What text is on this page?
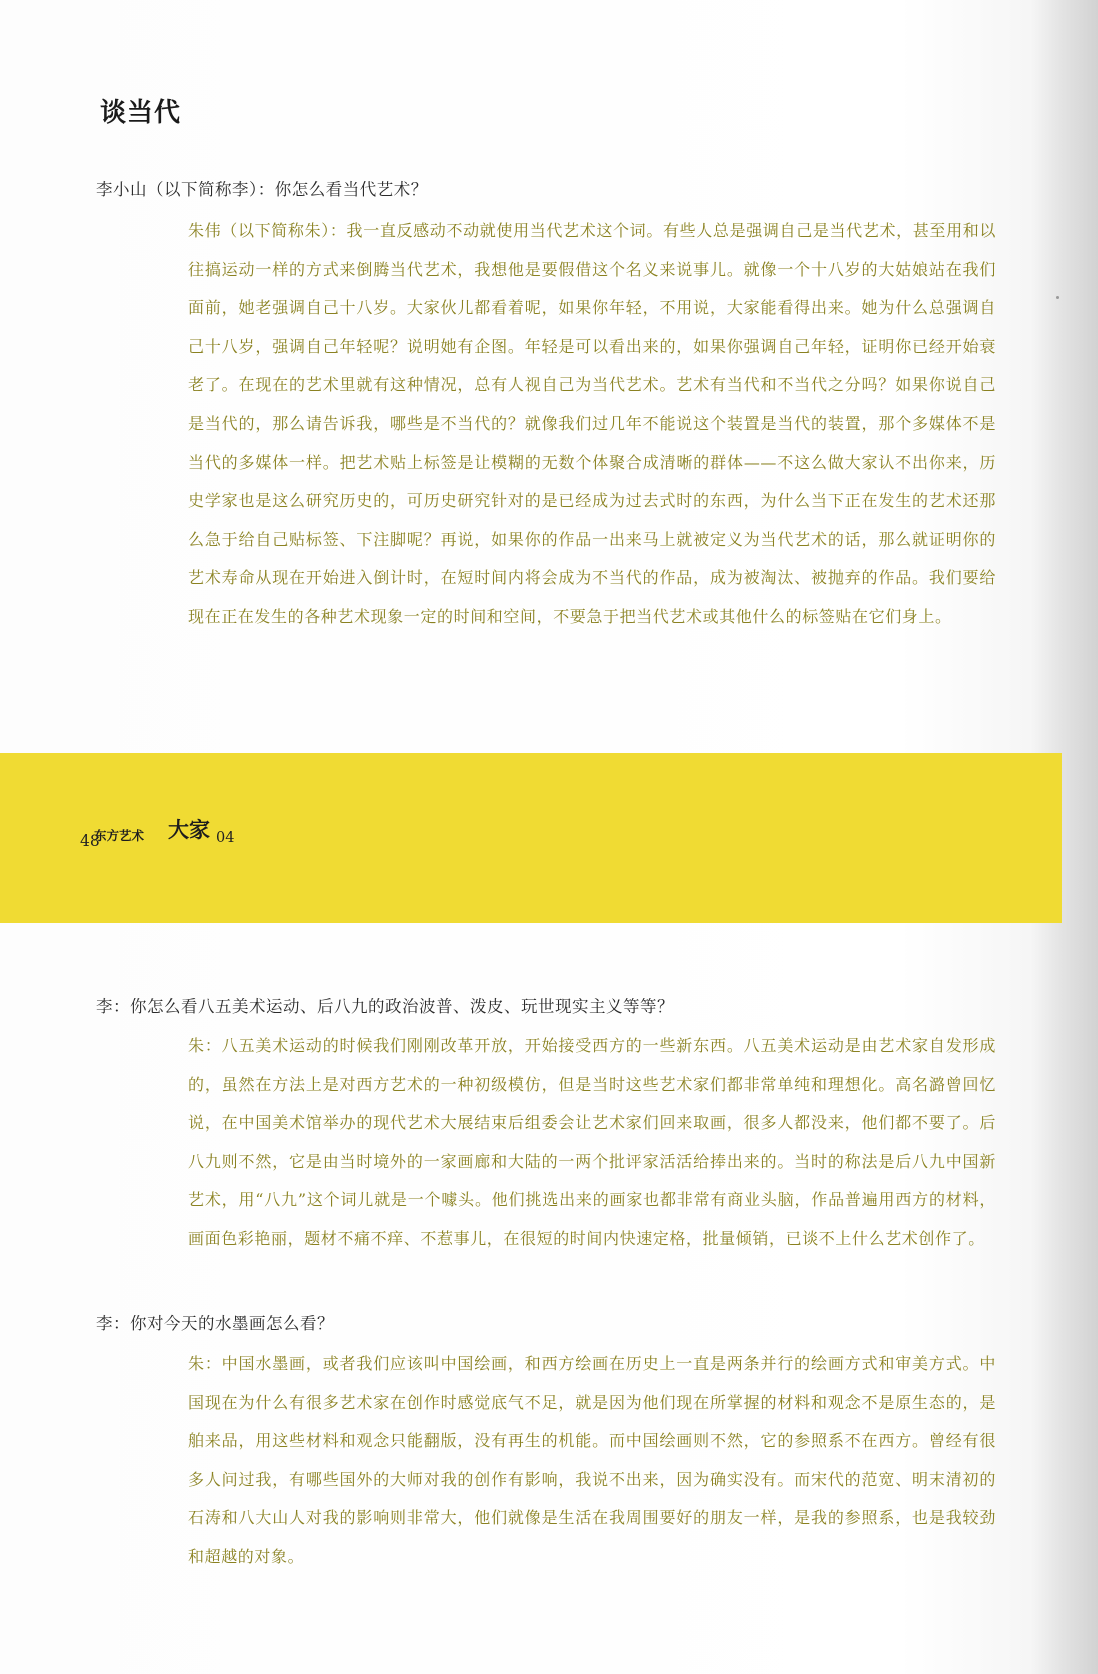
谈当代
李小山（以下简称李）：你怎么看当代艺术？

朱伟（以下简称朱）：我一直反感动不动就使用当代艺术这个词。有些人总是强调自己是当代艺术，甚至用和以往搞运动一样的方式来倒腾当代艺术，我想他是要假借这个名义来说事儿。就像一个十八岁的大姑娘站在我们面前，她老强调自己十八岁。大家伙儿都看着呢，如果你年轻，不用说，大家能看得出来。她为什么总强调自己十八岁，强调自己年轻呢？说明她有企图。年轻是可以看出来的，如果你强调自己年轻，证明你已经开始衰老了。在现在的艺术里就有这种情况，总有人视自己为当代艺术。艺术有当代和不当代之分吗？如果你说自己是当代的，那么请告诉我，哪些是不当代的？就像我们过几年不能说这个装置是当代的装置，那个多媒体不是当代的多媒体一样。把艺术贴上标签是让模糊的无数个体聚合成清晰的群体——不这么做大家认不出你来，历史学家也是这么研究历史的，可历史研究针对的是已经成为过去式时的东西，为什么当下正在发生的艺术还那么急于给自己贴标签、下注脚呢？再说，如果你的作品一出来马上就被定义为当代艺术的话，那么就证明你的艺术寿命从现在开始进入倒计时，在短时间内将会成为不当代的作品，成为被淘汰、被抛弃的作品。我们要给现在正在发生的各种艺术现象一定的时间和空间，不要急于把当代艺术或其他什么的标签贴在它们身上。

东方艺术 大家 04
48
李：你怎么看八五美术运动、后八九的政治波普、泼皮、玩世现实主义等等？

朱：八五美术运动的时候我们刚刚改革开放，开始接受西方的一些新东西。八五美术运动是由艺术家自发形成的，虽然在方法上是对西方艺术的一种初级模仿，但是当时这些艺术家们都非常单纯和理想化。高名潞曾回忆说，在中国美术馆举办的现代艺术大展结束后组委会让艺术家们回来取画，很多人都没来，他们都不要了。后八九则不然，它是由当时境外的一家画廊和大陆的一两个批评家活活给捧出来的。当时的称法是后八九中国新艺术，用“八九”这个词儿就是一个噱头。他们挑选出来的画家也都非常有商业头脑，作品普遍用西方的材料，画面色彩艳丽，题材不痛不痒、不惹事儿，在很短的时间内快速定格，批量倾销，已谈不上什么艺术创作了。

李：你对今天的水墨画怎么看？

朱：中国水墨画，或者我们应该叫中国绘画，和西方绘画在历史上一直是两条并行的绘画方式和审美方式。中国现在为什么有很多艺术家在创作时感觉底气不足，就是因为他们现在所掌握的材料和观念不是原生态的，是舶来品，用这些材料和观念只能翻版，没有再生的机能。而中国绘画则不然，它的参照系不在西方。曾经有很多人问过我，有哪些国外的大师对我的创作有影响，我说不出来，因为确实没有。而宋代的范宽、明末清初的石涛和八大山人对我的影响则非常大，他们就像是生活在我周围要好的朋友一样，是我的参照系，也是我较劲和超越的对象。
